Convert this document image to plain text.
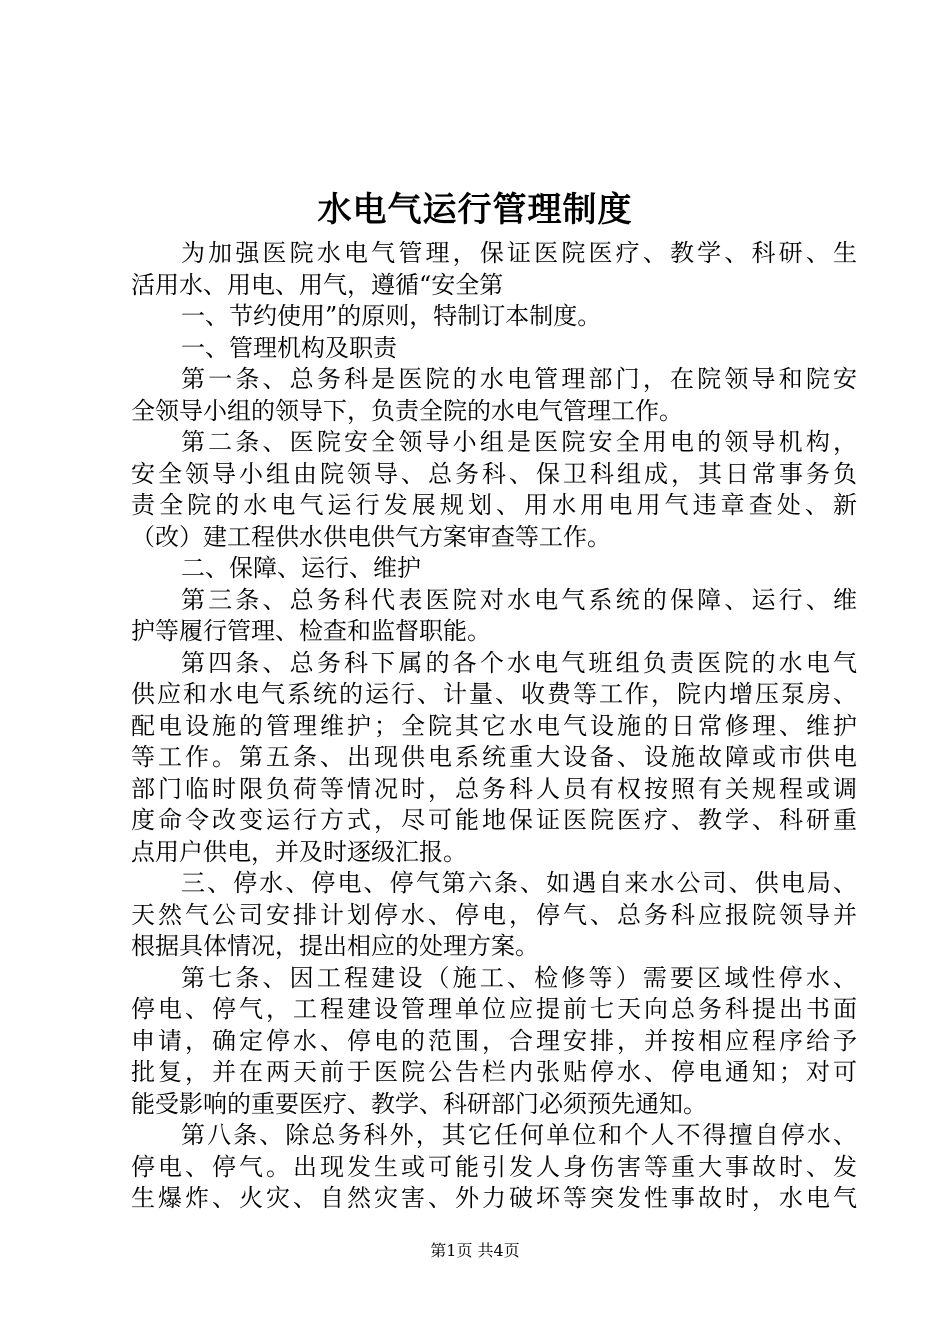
水电气运行管理制度
为加强医院水电气管理，保证医院医疗、教学、科研、生
活用水、用电、用气，遵循“安全第
一、节约使用”的原则，特制订本制度。
一、管理机构及职责
第一条、总务科是医院的水电管理部门，在院领导和院安
全领导小组的领导下，负责全院的水电气管理工作。
第二条、医院安全领导小组是医院安全用电的领导机构，
安全领导小组由院领导、总务科、保卫科组成，其日常事务负
责全院的水电气运行发展规划、用水用电用气违章查处、新
（改）建工程供水供电供气方案审查等工作。
二、保障、运行、维护
第三条、总务科代表医院对水电气系统的保障、运行、维
护等履行管理、检查和监督职能。
第四条、总务科下属的各个水电气班组负责医院的水电气
供应和水电气系统的运行、计量、收费等工作，院内增压泵房、
配电设施的管理维护；全院其它水电气设施的日常修理、维护
等工作。第五条、出现供电系统重大设备、设施故障或市供电
部门临时限负荷等情况时，总务科人员有权按照有关规程或调
度命令改变运行方式，尽可能地保证医院医疗、教学、科研重
点用户供电，并及时逐级汇报。
三、停水、停电、停气第六条、如遇自来水公司、供电局、
天然气公司安排计划停水、停电，停气、总务科应报院领导并
根据具体情况，提出相应的处理方案。
第七条、因工程建设（施工、检修等）需要区域性停水、
停电、停气，工程建设管理单位应提前七天向总务科提出书面
申请，确定停水、停电的范围，合理安排，并按相应程序给予
批复，并在两天前于医院公告栏内张贴停水、停电通知；对可
能受影响的重要医疗、教学、科研部门必须预先通知。
第八条、除总务科外，其它任何单位和个人不得擅自停水、
停电、停气。出现发生或可能引发人身伤害等重大事故时、发
生爆炸、火灾、自然灾害、外力破坏等突发性事故时，水电气
第1页 共4页
